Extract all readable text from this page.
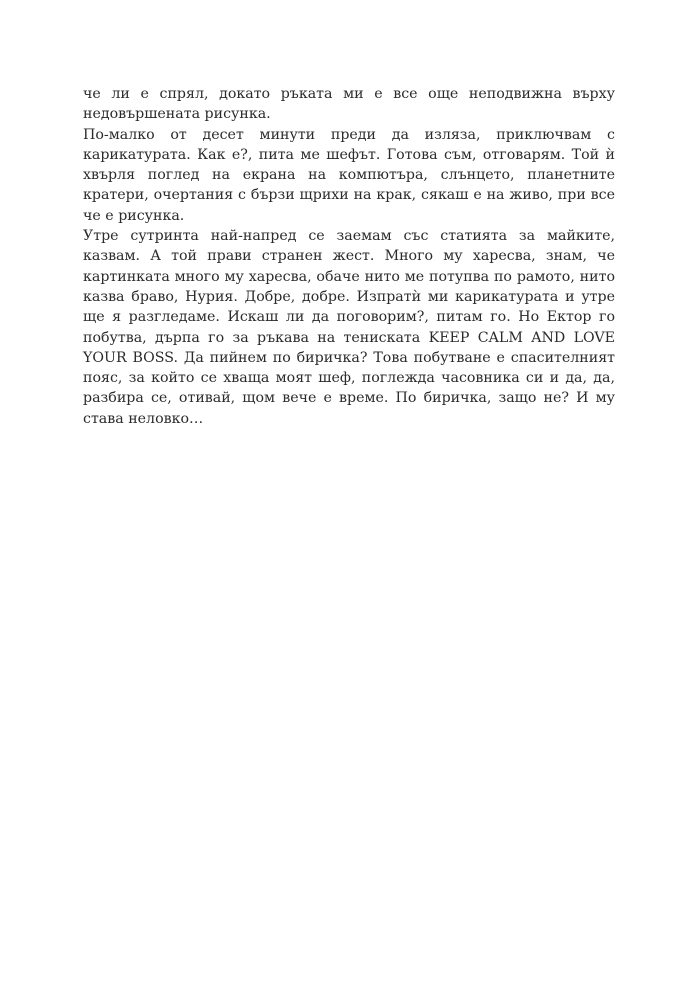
че ли е спрял, докато ръката ми е все още неподвижна върху недовършената рисунка.

По-малко от десет минути преди да изляза, приключвам с карикатурата. Как е?, пита ме шефът. Готова съм, отговарям. Той ѝ хвърля поглед на екрана на компютъра, слънцето, планетните кратери, очертания с бързи щрихи на крак, сякаш е на живо, при все че е рисунка.

Утре сутринта най-напред се заемам със статията за майките, казвам. А той прави странен жест. Много му харесва, знам, че картинката много му харесва, обаче нито ме потупва по рамото, нито казва браво, Нурия. Добре, добре. Изпратѝ ми карикатурата и утре ще я разгледаме. Искаш ли да поговорим?, питам го. Но Ектор го побутва, дърпа го за ръкава на тениската KEEP CALM AND LOVE YOUR BOSS. Да пийнем по биричка? Това побутване е спасителният пояс, за който се хваща моят шеф, поглежда часовника си и да, да, разбира се, отивай, щом вече е време. По биричка, защо не? И му става неловко…
